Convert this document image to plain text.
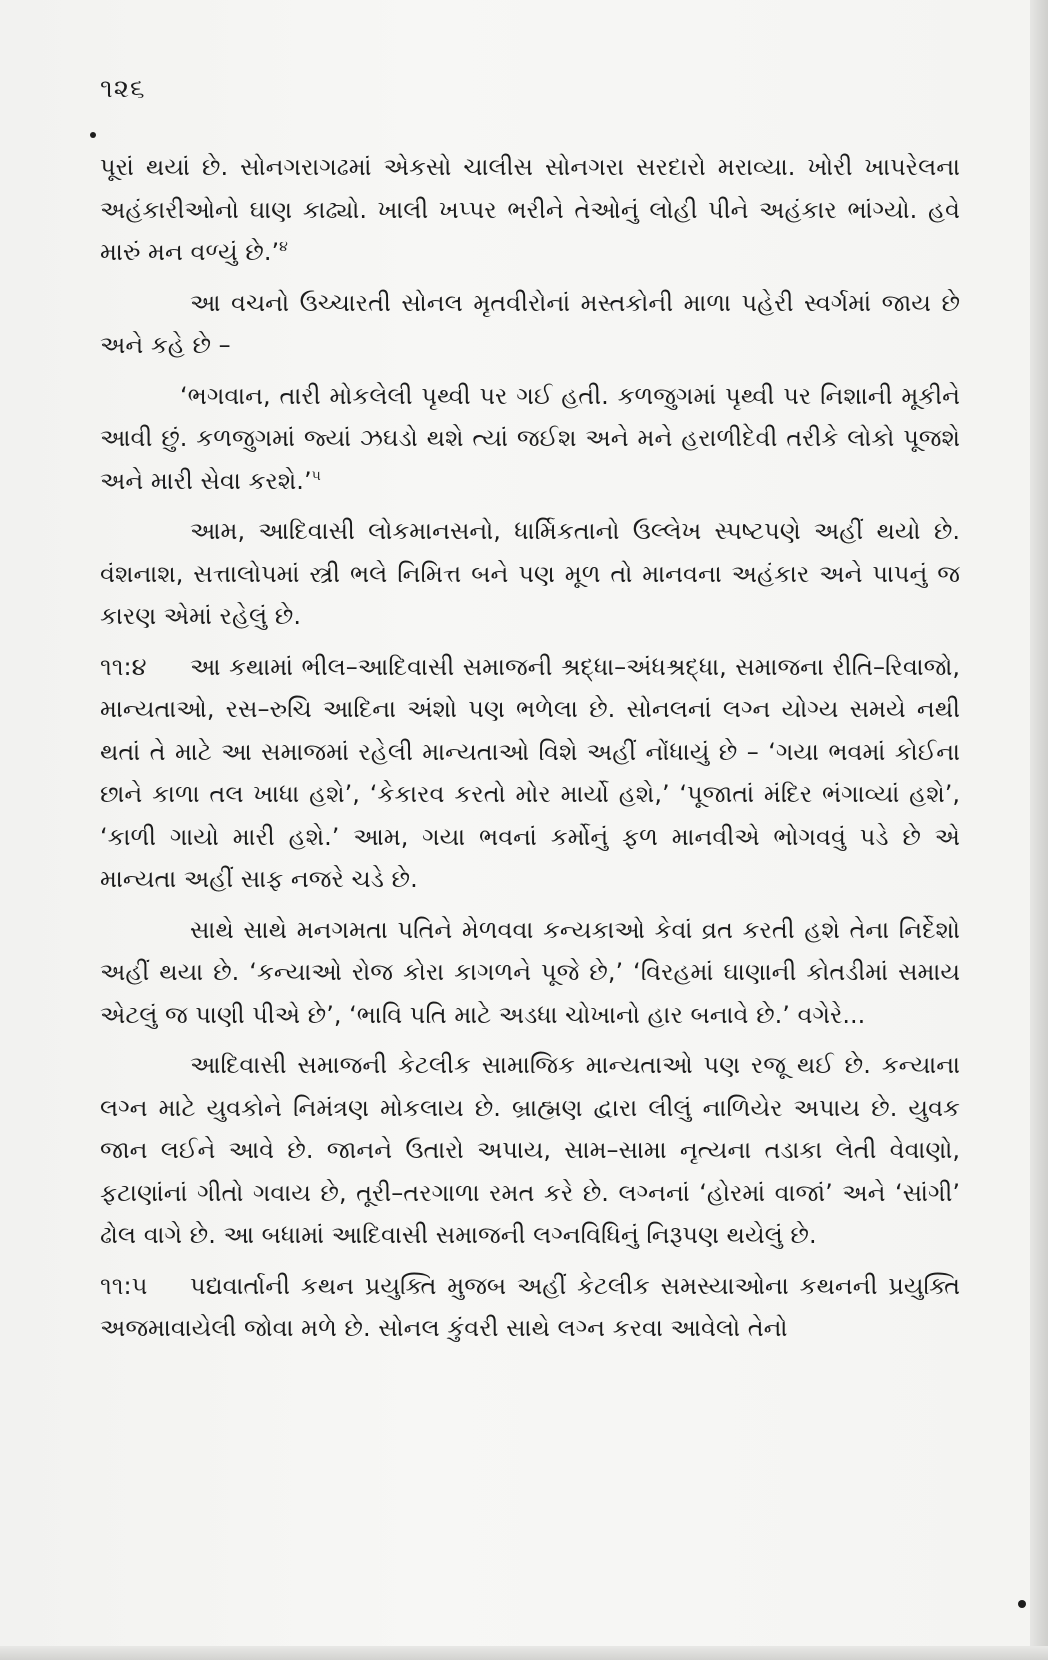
૧૨૬

પૂરાં થયાં છે. સોનગરાગઢમાં એકસો ચાલીસ સોનગરા સરદારો મરાવ્યા. ખોરી ખાપરેલના અહંકારીઓનો ઘાણ કાઢ્યો. ખાલી ખપ્પર ભરીને તેઓનું લોહી પીને અહંકાર ભાંગ્યો. હવે મારું મન વળ્યું છે.’$^૪$

આ વચનો ઉચ્ચારતી સોનલ મૃતવીરોનાં મસ્તકોની માળા પહેરી સ્વર્ગમાં જાય છે અને કહે છે –

‘ભગવાન, તારી મોકલેલી પૃથ્વી પર ગઈ હતી. કળજુગમાં પૃથ્વી પર નિશાની મૂકીને આવી છું. કળજુગમાં જ્યાં ઝઘડો થશે ત્યાં જઈશ અને મને હરાળીદેવી તરીકે લોકો પૂજશે અને મારી સેવા કરશે.’$^૫$

આમ, આદિવાસી લોકમાનસનો, ધાર્મિકતાનો ઉલ્લેખ સ્પષ્ટપણે અહીં થયો છે. વંશનાશ, સત્તાલોપમાં સ્ત્રી ભલે નિમિત્ત બને પણ મૂળ તો માનવના અહંકાર અને પાપનું જ કારણ એમાં રહેલું છે.

૧૧:૪ આ કથામાં ભીલ–આદિવાસી સમાજની શ્રદ્ધા–અંધશ્રદ્ધા, સમાજના રીતિ–રિવાજો, માન્યતાઓ, રસ–રુચિ આદિના અંશો પણ ભળેલા છે. સોનલનાં લગ્ન યોગ્ય સમયે નથી થતાં તે માટે આ સમાજમાં રહેલી માન્યતાઓ વિશે અહીં નોંધાયું છે – ‘ગયા ભવમાં કોઈના છાને કાળા તલ ખાધા હશે’, ‘કેકારવ કરતો મોર માર્યો હશે,’ ‘પૂજાતાં મંદિર ભંગાવ્યાં હશે’, ‘કાળી ગાયો મારી હશે.’ આમ, ગયા ભવનાં કર્મોનું ફળ માનવીએ ભોગવવું પડે છે એ માન્યતા અહીં સાફ નજરે ચડે છે.

સાથે સાથે મનગમતા પતિને મેળવવા કન્યકાઓ કેવાં વ્રત કરતી હશે તેના નિર્દેશો અહીં થયા છે. ‘કન્યાઓ રોજ કોરા કાગળને પૂજે છે,’ ‘વિરહમાં ઘાણાની કોતડીમાં સમાય એટલું જ પાણી પીએ છે’, ‘ભાવિ પતિ માટે અડધા ચોખાનો હાર બનાવે છે.’ વગેરે...

આદિવાસી સમાજની કેટલીક સામાજિક માન્યતાઓ પણ રજૂ થઈ છે. કન્યાના લગ્ન માટે યુવકોને નિમંત્રણ મોકલાય છે. બ્રાહ્મણ દ્વારા લીલું નાળિયેર અપાય છે. યુવક જાન લઈને આવે છે. જાનને ઉતારો અપાય, સામ–સામા નૃત્યના તડાકા લેતી વેવાણો, ફટાણાંનાં ગીતો ગવાય છે, તૂરી–તરગાળા રમત કરે છે. લગ્નનાં ‘હોરમાં વાજાં’ અને ‘સાંગી’ ઢોલ વાગે છે. આ બધામાં આદિવાસી સમાજની લગ્નવિધિનું નિરૂપણ થયેલું છે.

૧૧:૫ પદ્યવાર્તાની કથન પ્રયુક્તિ મુજબ અહીં કેટલીક સમસ્યાઓના કથનની પ્રયુક્તિ અજમાવાયેલી જોવા મળે છે. સોનલ કુંવરી સાથે લગ્ન કરવા આવેલો તેનો
